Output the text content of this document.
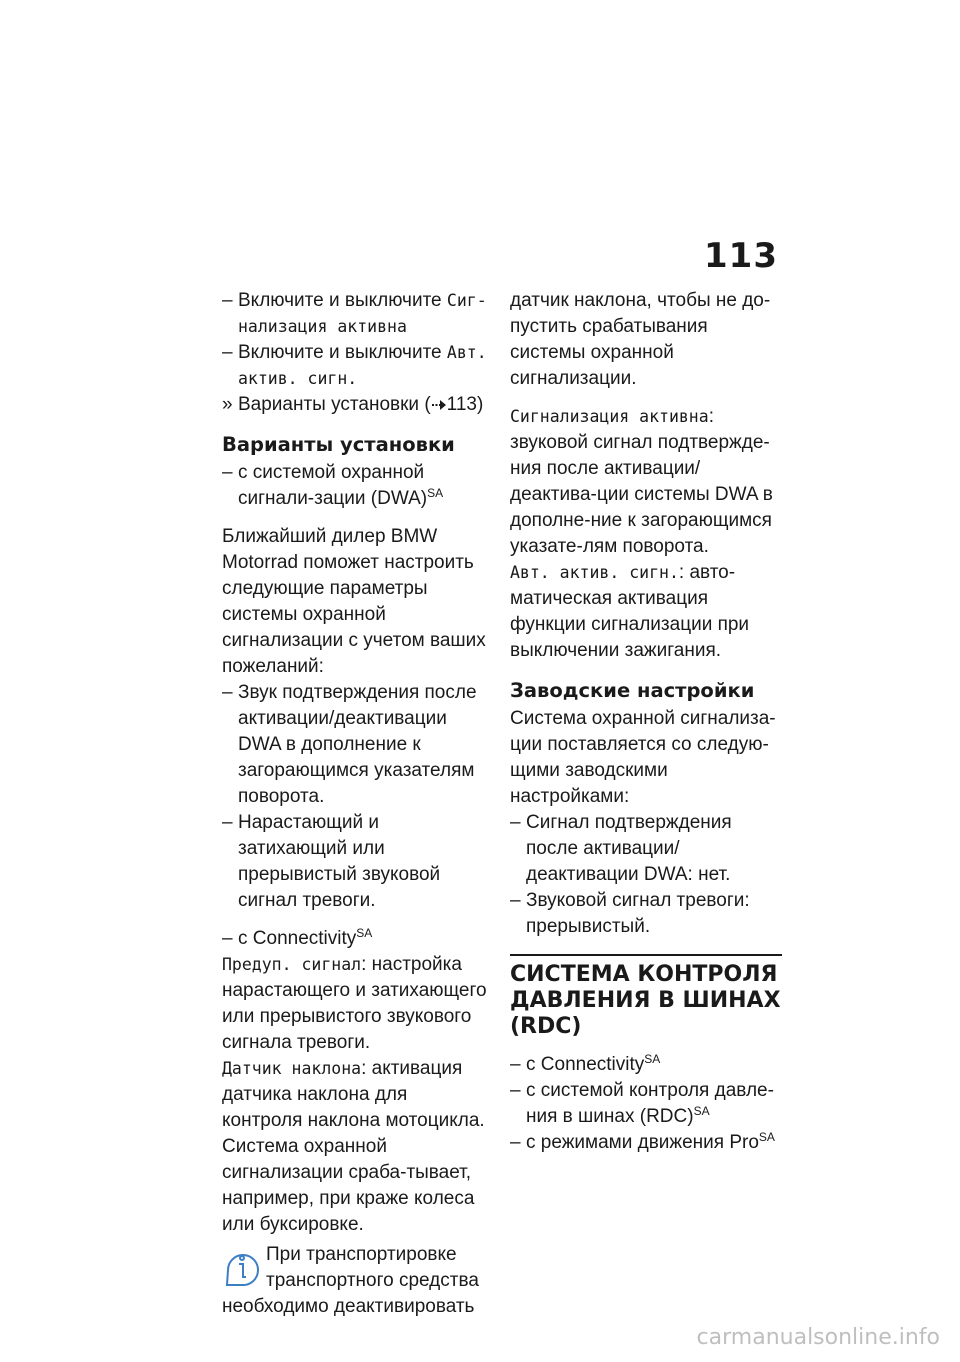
113

– Включите и выключите Сиг-нализация активна

– Включите и выключите Авт. актив. сигн.

» Варианты установки ( 113)

Варианты установки

– с системой охранной сигнали-зации (DWA)$^{SA}$

Ближайший дилер BMW Motorrad поможет настроить следующие параметры системы охранной сигнализации с учетом ваших пожеланий:

– Звук подтверждения после активации/деактивации DWA в дополнение к загорающимся указателям поворота.

– Нарастающий и затихающий или прерывистый звуковой сигнал тревоги.

– с Connectivity$^{SA}$

Предуп. сигнал: настройка нарастающего и затихающего или прерывистого звукового сигнала тревоги.

Датчик наклона: активация датчика наклона для контроля наклона мотоцикла. Система охранной сигнализации сраба-тывает, например, при краже колеса или буксировке.

При транспортировке

транспортного средства

необходимо деактивировать

датчик наклона, чтобы не до-пустить срабатывания системы охранной сигнализации.

Сигнализация активна: звуковой сигнал подтвержде-ния после активации/деактива-ции системы DWA в дополне-ние к загорающимся указате-лям поворота.

Авт. актив. сигн.: авто-матическая активация функции сигнализации при выключении зажигания.

Заводские настройки

Система охранной сигнализа-ции поставляется со следую-щими заводскими настройками:

– Сигнал подтверждения после активации/деактивации DWA: нет.

– Звуковой сигнал тревоги: прерывистый.

СИСТЕМА КОНТРОЛЯ ДАВЛЕНИЯ В ШИНАХ (RDC)

– с Connectivity$^{SA}$

– с системой контроля давле-ния в шинах (RDC)$^{SA}$

– с режимами движения Pro$^{SA}$

carmanualsonline.info
